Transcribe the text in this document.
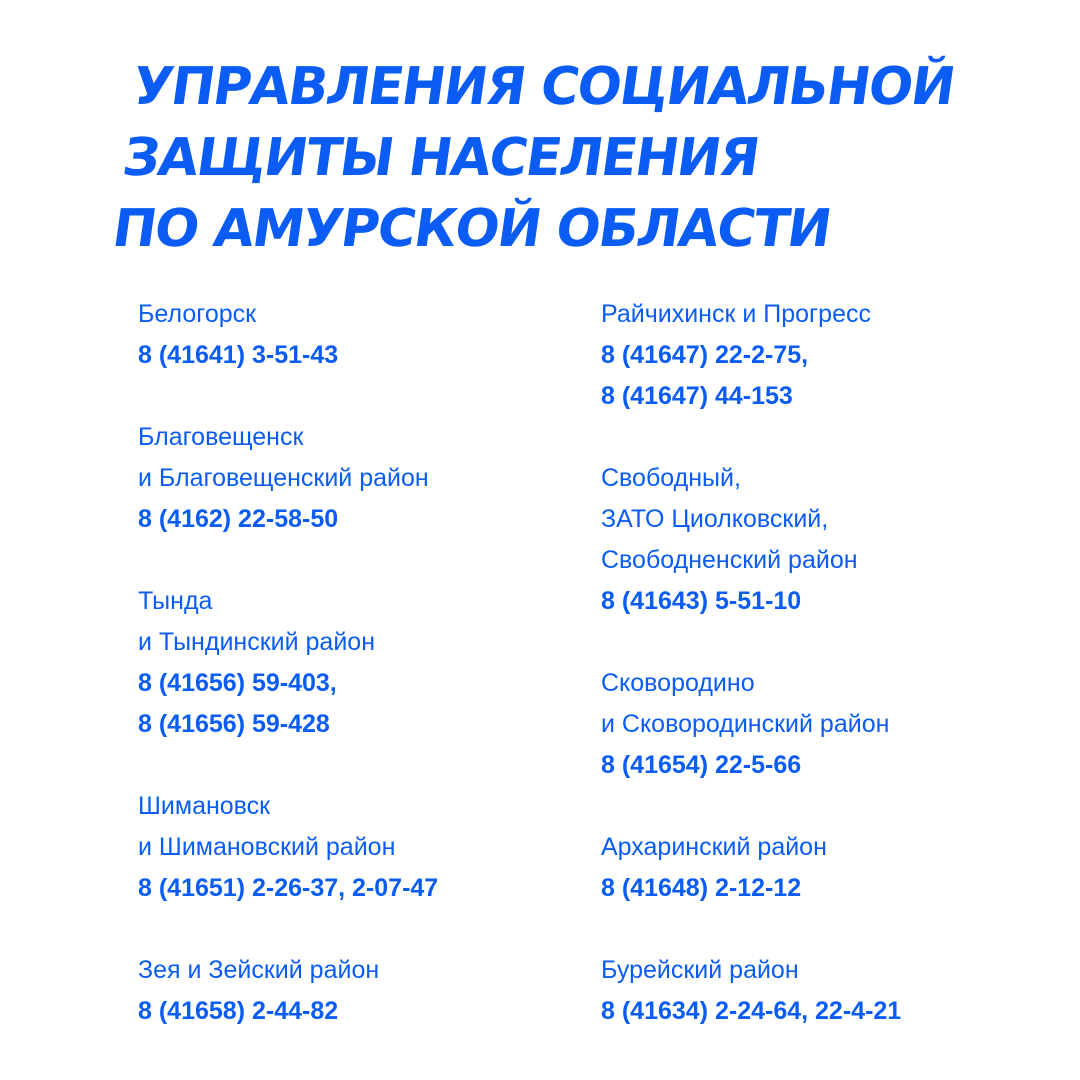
УПРАВЛЕНИЯ СОЦИАЛЬНОЙ
ЗАЩИТЫ НАСЕЛЕНИЯ
ПО АМУРСКОЙ ОБЛАСТИ
Белогорск
8 (41641) 3-51-43
Благовещенск
и Благовещенский район
8 (4162) 22-58-50
Тында
и Тындинский район
8 (41656) 59-403,
8 (41656) 59-428
Шимановск
и Шимановский район
8 (41651) 2-26-37, 2-07-47
Зея и Зейский район
8 (41658) 2-44-82
Райчихинск и Прогресс
8 (41647) 22-2-75,
8 (41647) 44-153
Свободный,
ЗАТО Циолковский,
Свободненский район
8 (41643) 5-51-10
Сковородино
и Сковородинский район
8 (41654) 22-5-66
Архаринский район
8 (41648) 2-12-12
Бурейский район
8 (41634) 2-24-64, 22-4-21
